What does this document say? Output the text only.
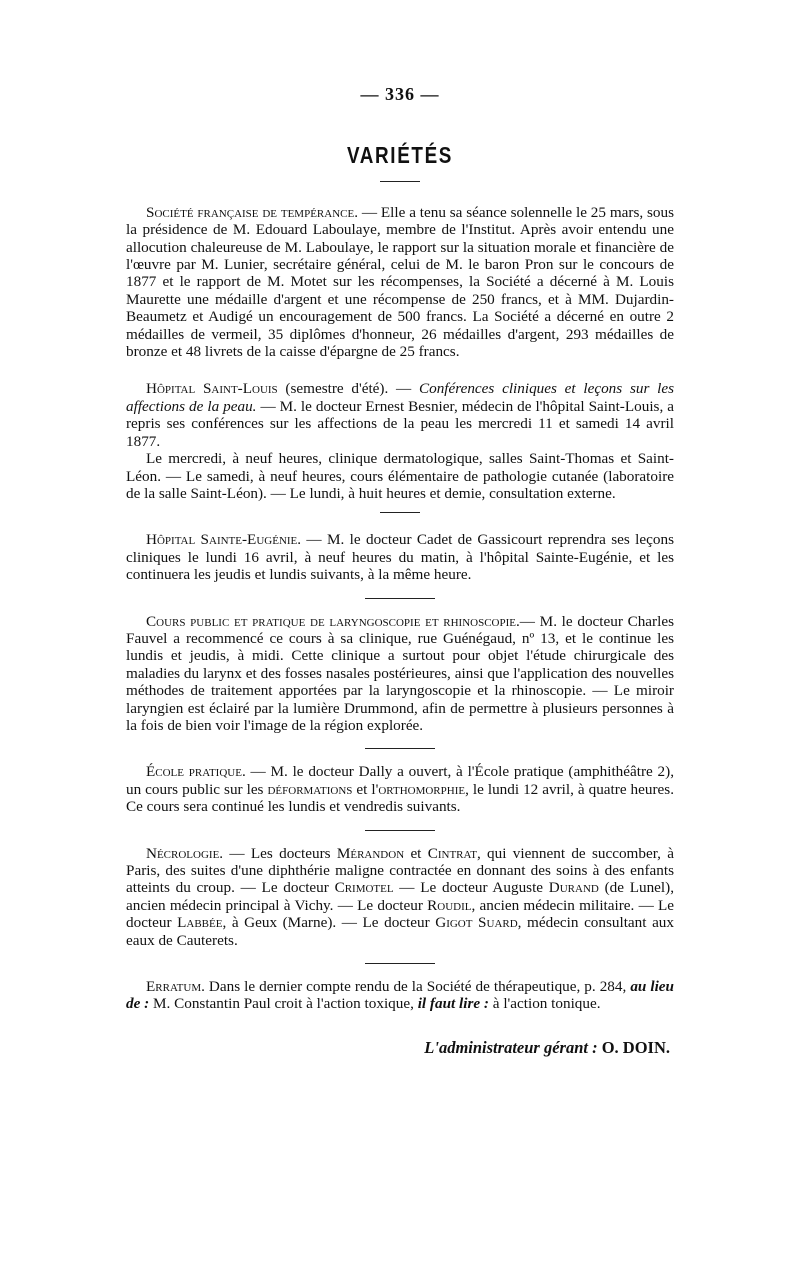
— 336 —
VARIÉTÉS

Société française de tempérance. — Elle a tenu sa séance solennelle le 25 mars, sous la présidence de M. Edouard Laboulaye, membre de l'Institut. Après avoir entendu une allocution chaleureuse de M. Laboulaye, le rapport sur la situation morale et financière de l'œuvre par M. Lunier, secrétaire général, celui de M. le baron Pron sur le concours de 1877 et le rapport de M. Motet sur les récompenses, la Société a décerné à M. Louis Maurette une médaille d'argent et une récompense de 250 francs, et à MM. Dujardin-Beaumetz et Audigé un encouragement de 500 francs. La Société a décerné en outre 2 médailles de vermeil, 35 diplômes d'honneur, 26 médailles d'argent, 293 médailles de bronze et 48 livrets de la caisse d'épargne de 25 francs.

Hôpital Saint-Louis (semestre d'été). — Conférences cliniques et leçons sur les affections de la peau. — M. le docteur Ernest Besnier, médecin de l'hôpital Saint-Louis, a repris ses conférences sur les affections de la peau les mercredi 11 et samedi 14 avril 1877.

Le mercredi, à neuf heures, clinique dermatologique, salles Saint-Thomas et Saint-Léon. — Le samedi, à neuf heures, cours élémentaire de pathologie cutanée (laboratoire de la salle Saint-Léon). — Le lundi, à huit heures et demie, consultation externe.

Hôpital Sainte-Eugénie. — M. le docteur Cadet de Gassicourt reprendra ses leçons cliniques le lundi 16 avril, à neuf heures du matin, à l'hôpital Sainte-Eugénie, et les continuera les jeudis et lundis suivants, à la même heure.

Cours public et pratique de laryngoscopie et rhinoscopie.— M. le docteur Charles Fauvel a recommencé ce cours à sa clinique, rue Guénégaud, nº 13, et le continue les lundis et jeudis, à midi. Cette clinique a surtout pour objet l'étude chirurgicale des maladies du larynx et des fosses nasales postérieures, ainsi que l'application des nouvelles méthodes de traitement apportées par la laryngoscopie et la rhinoscopie. — Le miroir laryngien est éclairé par la lumière Drummond, afin de permettre à plusieurs personnes à la fois de bien voir l'image de la région explorée.

École pratique. — M. le docteur Dally a ouvert, à l'École pratique (amphithéâtre 2), un cours public sur les déformations et l'orthomorphie, le lundi 12 avril, à quatre heures. Ce cours sera continué les lundis et vendredis suivants.

Nécrologie. — Les docteurs Mérandon et Cintrat, qui viennent de succomber, à Paris, des suites d'une diphthérie maligne contractée en donnant des soins à des enfants atteints du croup. — Le docteur Crimotel — Le docteur Auguste Durand (de Lunel), ancien médecin principal à Vichy. — Le docteur Roudil, ancien médecin militaire. — Le docteur Labbée, à Geux (Marne). — Le docteur Gigot Suard, médecin consultant aux eaux de Cauterets.

Erratum. Dans le dernier compte rendu de la Société de thérapeutique, p. 284, au lieu de : M. Constantin Paul croit à l'action toxique, il faut lire : à l'action tonique.

L'administrateur gérant : O. DOIN.
